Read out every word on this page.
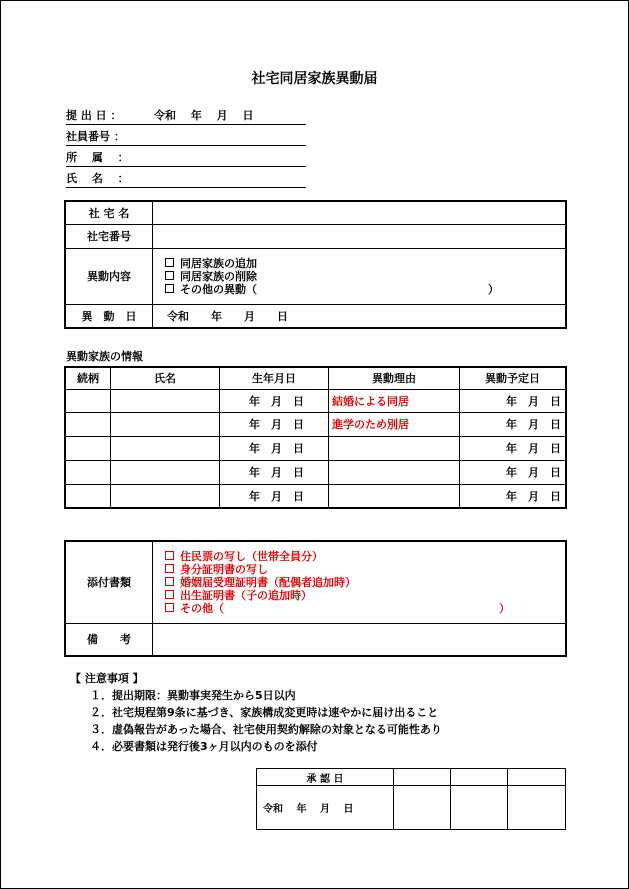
社宅同居家族異動届
提 出 日 ：	令和　 年　 月　 日
社員番号 ：
所　 属　 ：
氏　 名　 ：
社 宅 名	
社宅番号	
異動内容	同居家族の追加
同居家族の削除
その他の異動（　　　　　　　　　　　　　　　　　　　　　）

異　動　日	令和　　年　　月　　日
異動家族の情報
続柄	氏名	生年月日	異動理由	異動予定日
		年　月　日	結婚による同居	年　月　日
		年　月　日	進学のため別居	年　月　日
		年　月　日		年　月　日
		年　月　日		年　月　日
		年　月　日		年　月　日
添付書類	住民票の写し（世帯全員分）
身分証明書の写し
婚姻届受理証明書（配偶者追加時）
出生証明書（子の追加時）
その他（　　　　　　　　　　　　　　　　　　　　　　　　　）

備　　考	
【 注意事項 】
１．提出期限：異動事実発生から5日以内
２．社宅規程第9条に基づき、家族構成変更時は速やかに届け出ること
３．虚偽報告があった場合、社宅使用契約解除の対象となる可能性あり
４．必要書類は発行後3ヶ月以内のものを添付
承 認 日			
令和　 年　 月　 日			
